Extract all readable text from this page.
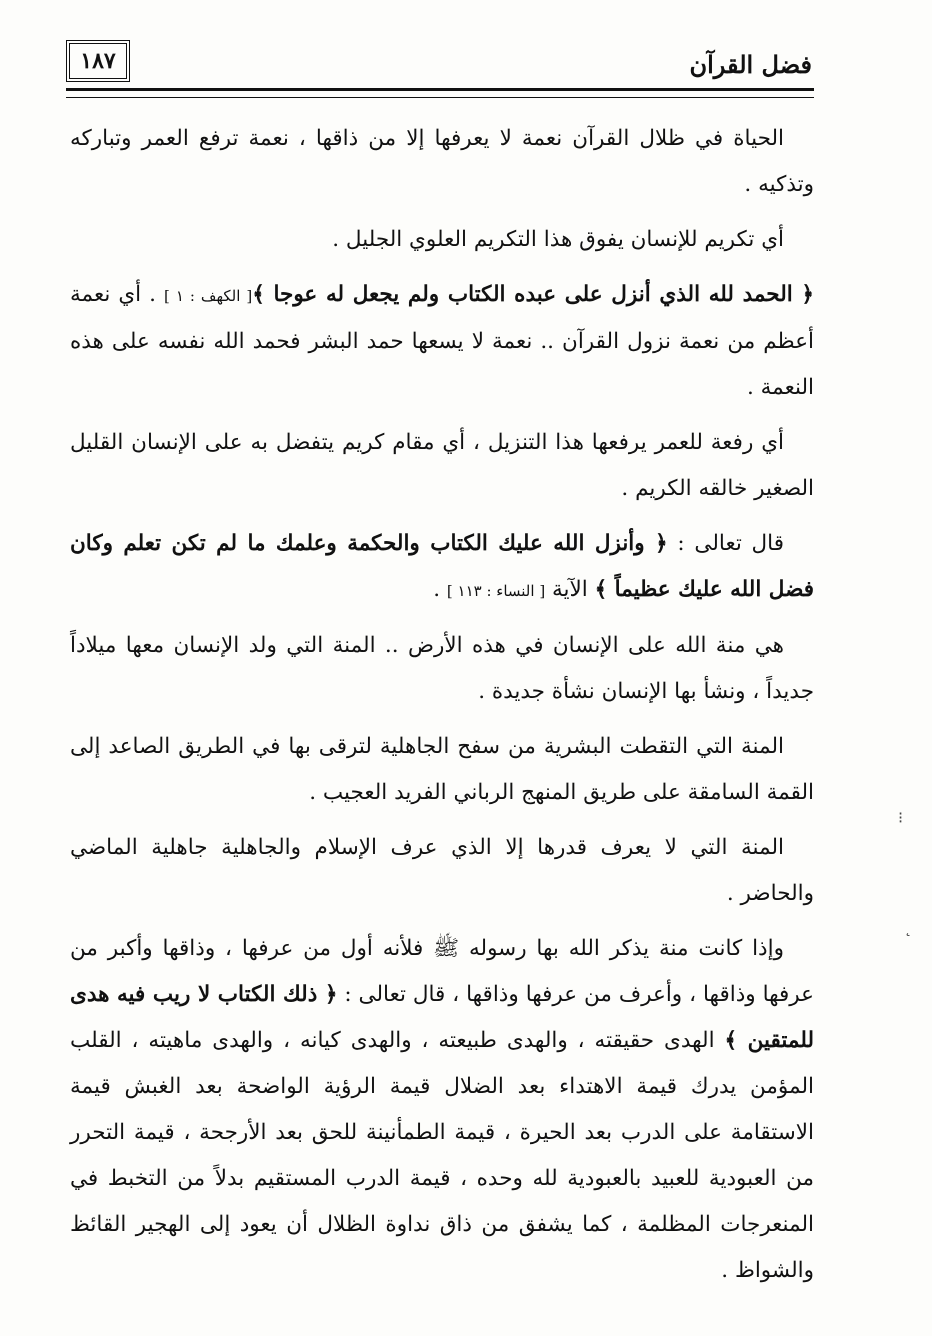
فضل القرآن
١٨٧

الحياة في ظلال القرآن نعمة لا يعرفها إلا من ذاقها ، نعمة ترفع العمر وتباركه وتذكيه .

أي تكريم للإنسان يفوق هذا التكريم العلوي الجليل .

﴿ الحمد لله الذي أنزل على عبده الكتاب ولم يجعل له عوجا ﴾[ الكهف : ١ ] . أي نعمة أعظم من نعمة نزول القرآن .. نعمة لا يسعها حمد البشر فحمد الله نفسه على هذه النعمة .

أي رفعة للعمر يرفعها هذا التنزيل ، أي مقام كريم يتفضل به على الإنسان القليل الصغير خالقه الكريم .

قال تعالى : ﴿ وأنزل الله عليك الكتاب والحكمة وعلمك ما لم تكن تعلم وكان فضل الله عليك عظيماً ﴾ الآية [ النساء : ١١٣ ] .

هي منة الله على الإنسان في هذه الأرض .. المنة التي ولد الإنسان معها ميلاداً جديداً ، ونشأ بها الإنسان نشأة جديدة .

المنة التي التقطت البشرية من سفح الجاهلية لترقى بها في الطريق الصاعد إلى القمة السامقة على طريق المنهج الرباني الفريد العجيب .

المنة التي لا يعرف قدرها إلا الذي عرف الإسلام والجاهلية جاهلية الماضي والحاضر .

وإذا كانت منة يذكر الله بها رسوله ﷺ فلأنه أول من عرفها ، وذاقها وأكبر من عرفها وذاقها ، وأعرف من عرفها وذاقها ، قال تعالى : ﴿ ذلك الكتاب لا ريب فيه هدى للمتقين ﴾ الهدى حقيقته ، والهدى طبيعته ، والهدى كيانه ، والهدى ماهيته ، القلب المؤمن يدرك قيمة الاهتداء بعد الضلال قيمة الرؤية الواضحة بعد الغبش قيمة الاستقامة على الدرب بعد الحيرة ، قيمة الطمأنينة للحق بعد الأرجحة ، قيمة التحرر من العبودية للعبيد بالعبودية لله وحده ، قيمة الدرب المستقيم بدلاً من التخبط في المنعرجات المظلمة ، كما يشفق من ذاق نداوة الظلال أن يعود إلى الهجير القائظ والشواظ .

⁝
˛
